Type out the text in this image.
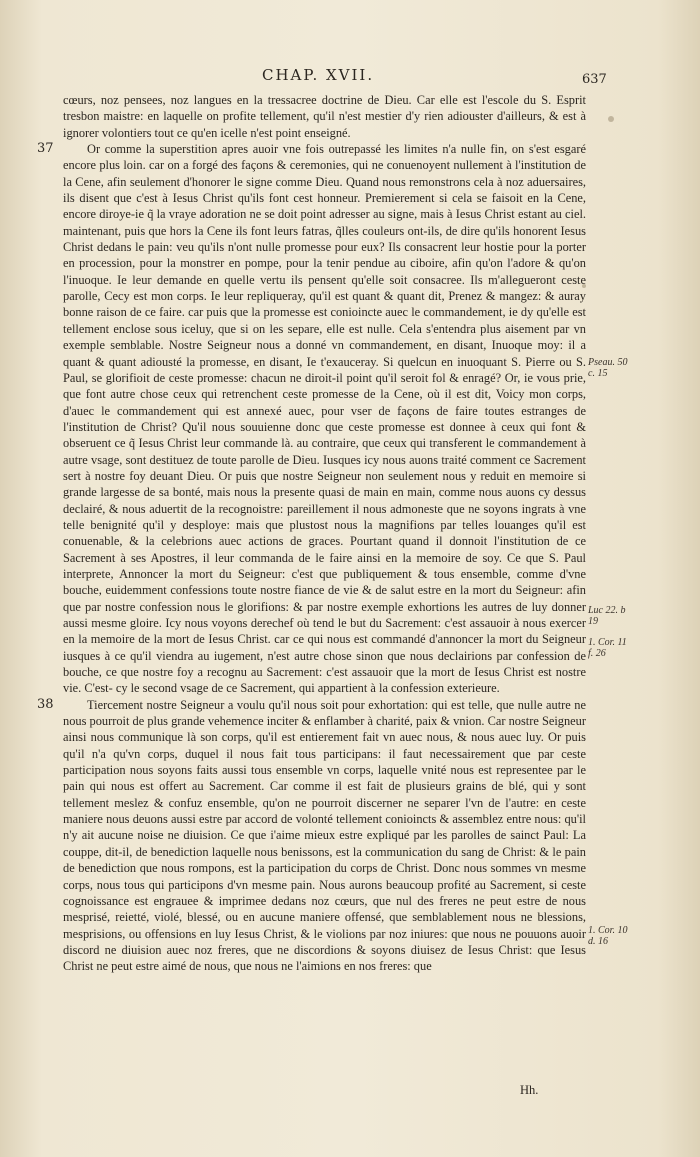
CHAP. XVII.	637

cœurs, noz pensees, noz langues en la tressacree doctrine de Dieu. Car elle est l'escole du S. Esprit tresbon maistre: en laquelle on profite tellement, qu'il n'est mestier d'y rien adiouster d'ailleurs, & est à ignorer volontiers tout ce qu'en icelle n'est point enseigné.

37	Or comme la superstition apres auoir vne fois outrepassé les limites n'a nulle fin, on s'est esgaré encore plus loin. car on a forgé des façons & ceremonies, qui ne conuenoyent nullement à l'institution de la Cene, afin seulement d'honorer le signe comme Dieu. Quand nous remonstrons cela à noz aduersaires, ils disent que c'est à Iesus Christ qu'ils font cest honneur. Premierement si cela se faisoit en la Cene, encore diroye-ie q̃ la vraye adoration ne se doit point adresser au signe, mais à Iesus Christ estant au ciel. maintenant, puis que hors la Cene ils font leurs fatras, q̃lles couleurs ont-ils, de dire qu'ils honorent Iesus Christ dedans le pain: veu qu'ils n'ont nulle promesse pour eux? Ils consacrent leur hostie pour la porter en procession, pour la monstrer en pompe, pour la tenir pendue au ciboire, afin qu'on l'adore & qu'on l'inuoque. Ie leur demande en quelle vertu ils pensent qu'elle soit consacree. Ils m'allegueront ceste parolle, Cecy est mon corps. Ie leur repliqueray, qu'il est quant & quant dit, Prenez & mangez: & auray bonne raison de ce faire. car puis que la promesse est conioincte auec le commandement, ie dy qu'elle est tellement enclose sous iceluy, que si on les separe, elle est nulle. Cela s'entendra plus aisement par vn exemple semblable. Nostre Seigneur nous a donné vn commandement, en disant, Inuoque moy: il a quant & quant adiousté la promesse, en disant, Ie t'exauceray. Si quelcun en inuoquant S. Pierre ou S. Paul, se glorifioit de ceste promesse: chacun ne diroit-il point qu'il seroit fol & enragé? Or, ie vous prie, que font autre chose ceux qui retrenchent ceste promesse de la Cene, où il est dit, Voicy mon corps, d'auec le commandement qui est annexé auec, pour vser de façons de faire toutes estranges de l'institution de Christ? Qu'il nous souuienne donc que ceste promesse est donnee à ceux qui font & obseruent ce q̃ Iesus Christ leur commande là. au contraire, que ceux qui transferent le commandement à autre vsage, sont destituez de toute parolle de Dieu. Iusques icy nous auons traité comment ce Sacrement sert à nostre foy deuant Dieu. Or puis que nostre Seigneur non seulement nous y reduit en memoire si grande largesse de sa bonté, mais nous la presente quasi de main en main, comme nous auons cy dessus declairé, & nous aduertit de la recognoistre: pareillement il nous admoneste que ne soyons ingrats à vne telle benignité qu'il y desploye: mais que plustost nous la magnifions par telles louanges qu'il est conuenable, & la celebrions auec actions de graces. Pourtant quand il donnoit l'institution de ce Sacrement à ses Apostres, il leur commanda de le faire ainsi en la memoire de soy. Ce que S. Paul interprete, Annoncer la mort du Seigneur: c'est que publiquement & tous ensemble, comme d'vne bouche, euidemment confessions toute nostre fiance de vie & de salut estre en la mort du Seigneur: afin que par nostre confession nous le glorifions: & par nostre exemple exhortions les autres de luy donner aussi mesme gloire. Icy nous voyons derechef où tend le but du Sacrement: c'est assauoir à nous exercer en la memoire de la mort de Iesus Christ. car ce qui nous est commandé d'annoncer la mort du Seigneur iusques à ce qu'il viendra au iugement, n'est autre chose sinon que nous declairions par confession de bouche, ce que nostre foy a recognu au Sacrement: c'est assauoir que la mort de Iesus Christ est nostre vie. C'est- cy le second vsage de ce Sacrement, qui appartient à la confession exterieure.

38	Tiercement nostre Seigneur a voulu qu'il nous soit pour exhortation: qui est telle, que nulle autre ne nous pourroit de plus grande vehemence inciter & enflamber à charité, paix & vnion. Car nostre Seigneur ainsi nous communique là son corps, qu'il est entierement fait vn auec nous, & nous auec luy. Or puis qu'il n'a qu'vn corps, duquel il nous fait tous participans: il faut necessairement que par ceste participation nous soyons faits aussi tous ensemble vn corps, laquelle vnité nous est representee par le pain qui nous est offert au Sacrement. Car comme il est fait de plusieurs grains de blé, qui y sont tellement meslez & confuz ensemble, qu'on ne pourroit discerner ne separer l'vn de l'autre: en ceste maniere nous deuons aussi estre par accord de volonté tellement conioincts & assemblez entre nous: qu'il n'y ait aucune noise ne diuision. Ce que i'aime mieux estre expliqué par les parolles de sainct Paul: La couppe, dit-il, de benediction laquelle nous benissons, est la communication du sang de Christ: & le pain de benediction que nous rompons, est la participation du corps de Christ. Donc nous sommes vn mesme corps, nous tous qui participons d'vn mesme pain. Nous aurons beaucoup profité au Sacrement, si ceste cognoissance est engrauee & imprimee dedans noz cœurs, que nul des freres ne peut estre de nous mesprisé, reietté, violé, blessé, ou en aucune maniere offensé, que semblablement nous ne blessions, mesprisions, ou offensions en luy Iesus Christ, & le violions par noz iniures: que nous ne pouuons auoir discord ne diuision auec noz freres, que ne discordions & soyons diuisez de Iesus Christ: que Iesus Christ ne peut estre aimé de nous, que nous ne l'aimions en nos freres: que

Pseau. 50
c. 15
Luc 22. b
19
1. Cor. 11
f. 26
1. Cor. 10
d. 16
Hh.
